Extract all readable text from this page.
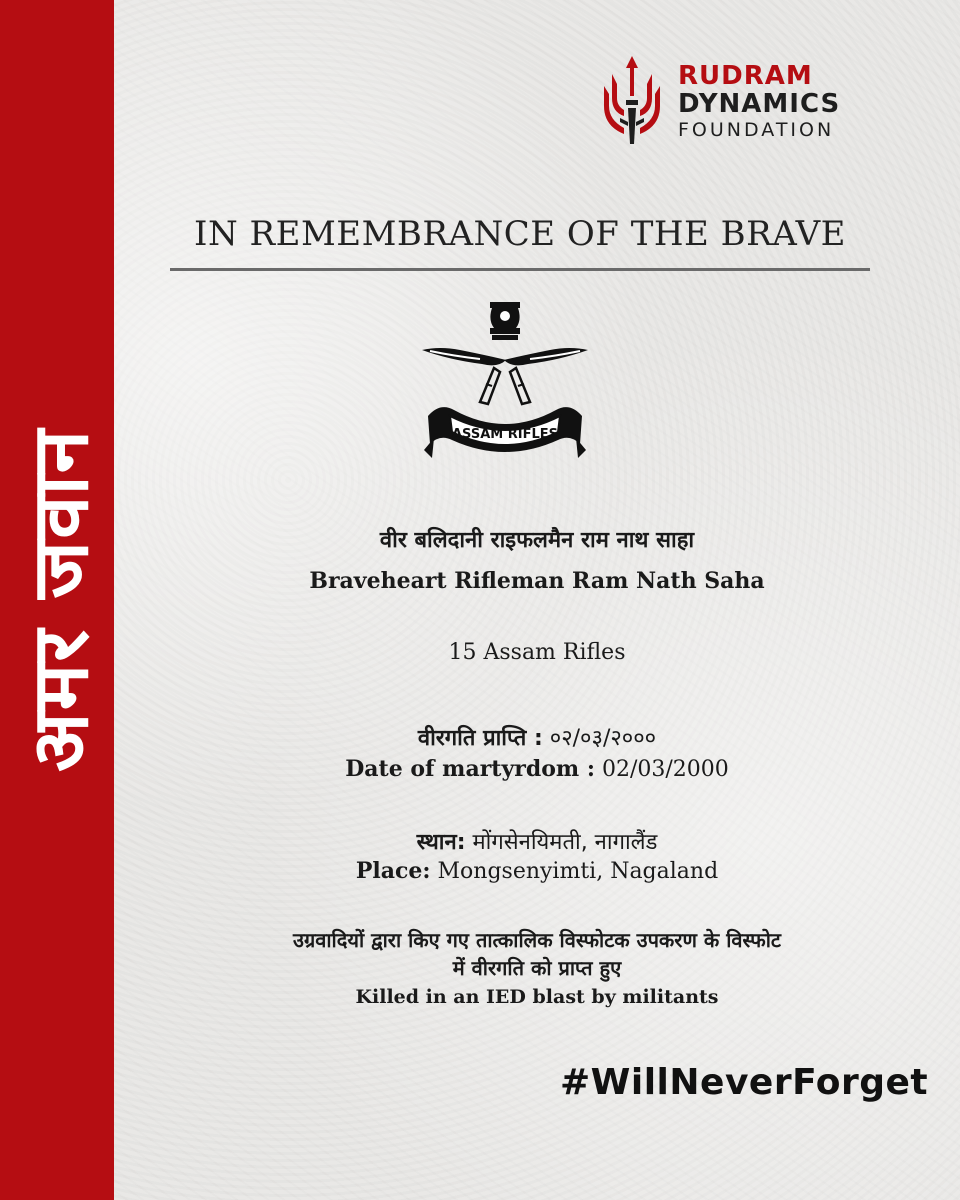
अमर जवान
RUDRAM
DYNAMICS
FOUNDATION
IN REMEMBRANCE OF THE BRAVE
ASSAM RIFLES
वीर बलिदानी राइफलमैन राम नाथ साहा
Braveheart Rifleman Ram Nath Saha
15 Assam Rifles
वीरगति प्राप्ति : ०२/०३/२०००
Date of martyrdom : 02/03/2000
स्थान: मोंगसेनयिमती, नागालैंड
Place: Mongsenyimti, Nagaland
उग्रवादियों द्वारा किए गए तात्कालिक विस्फोटक उपकरण के विस्फोट
में वीरगति को प्राप्त हुए
Killed in an IED blast by militants
#WillNeverForget
